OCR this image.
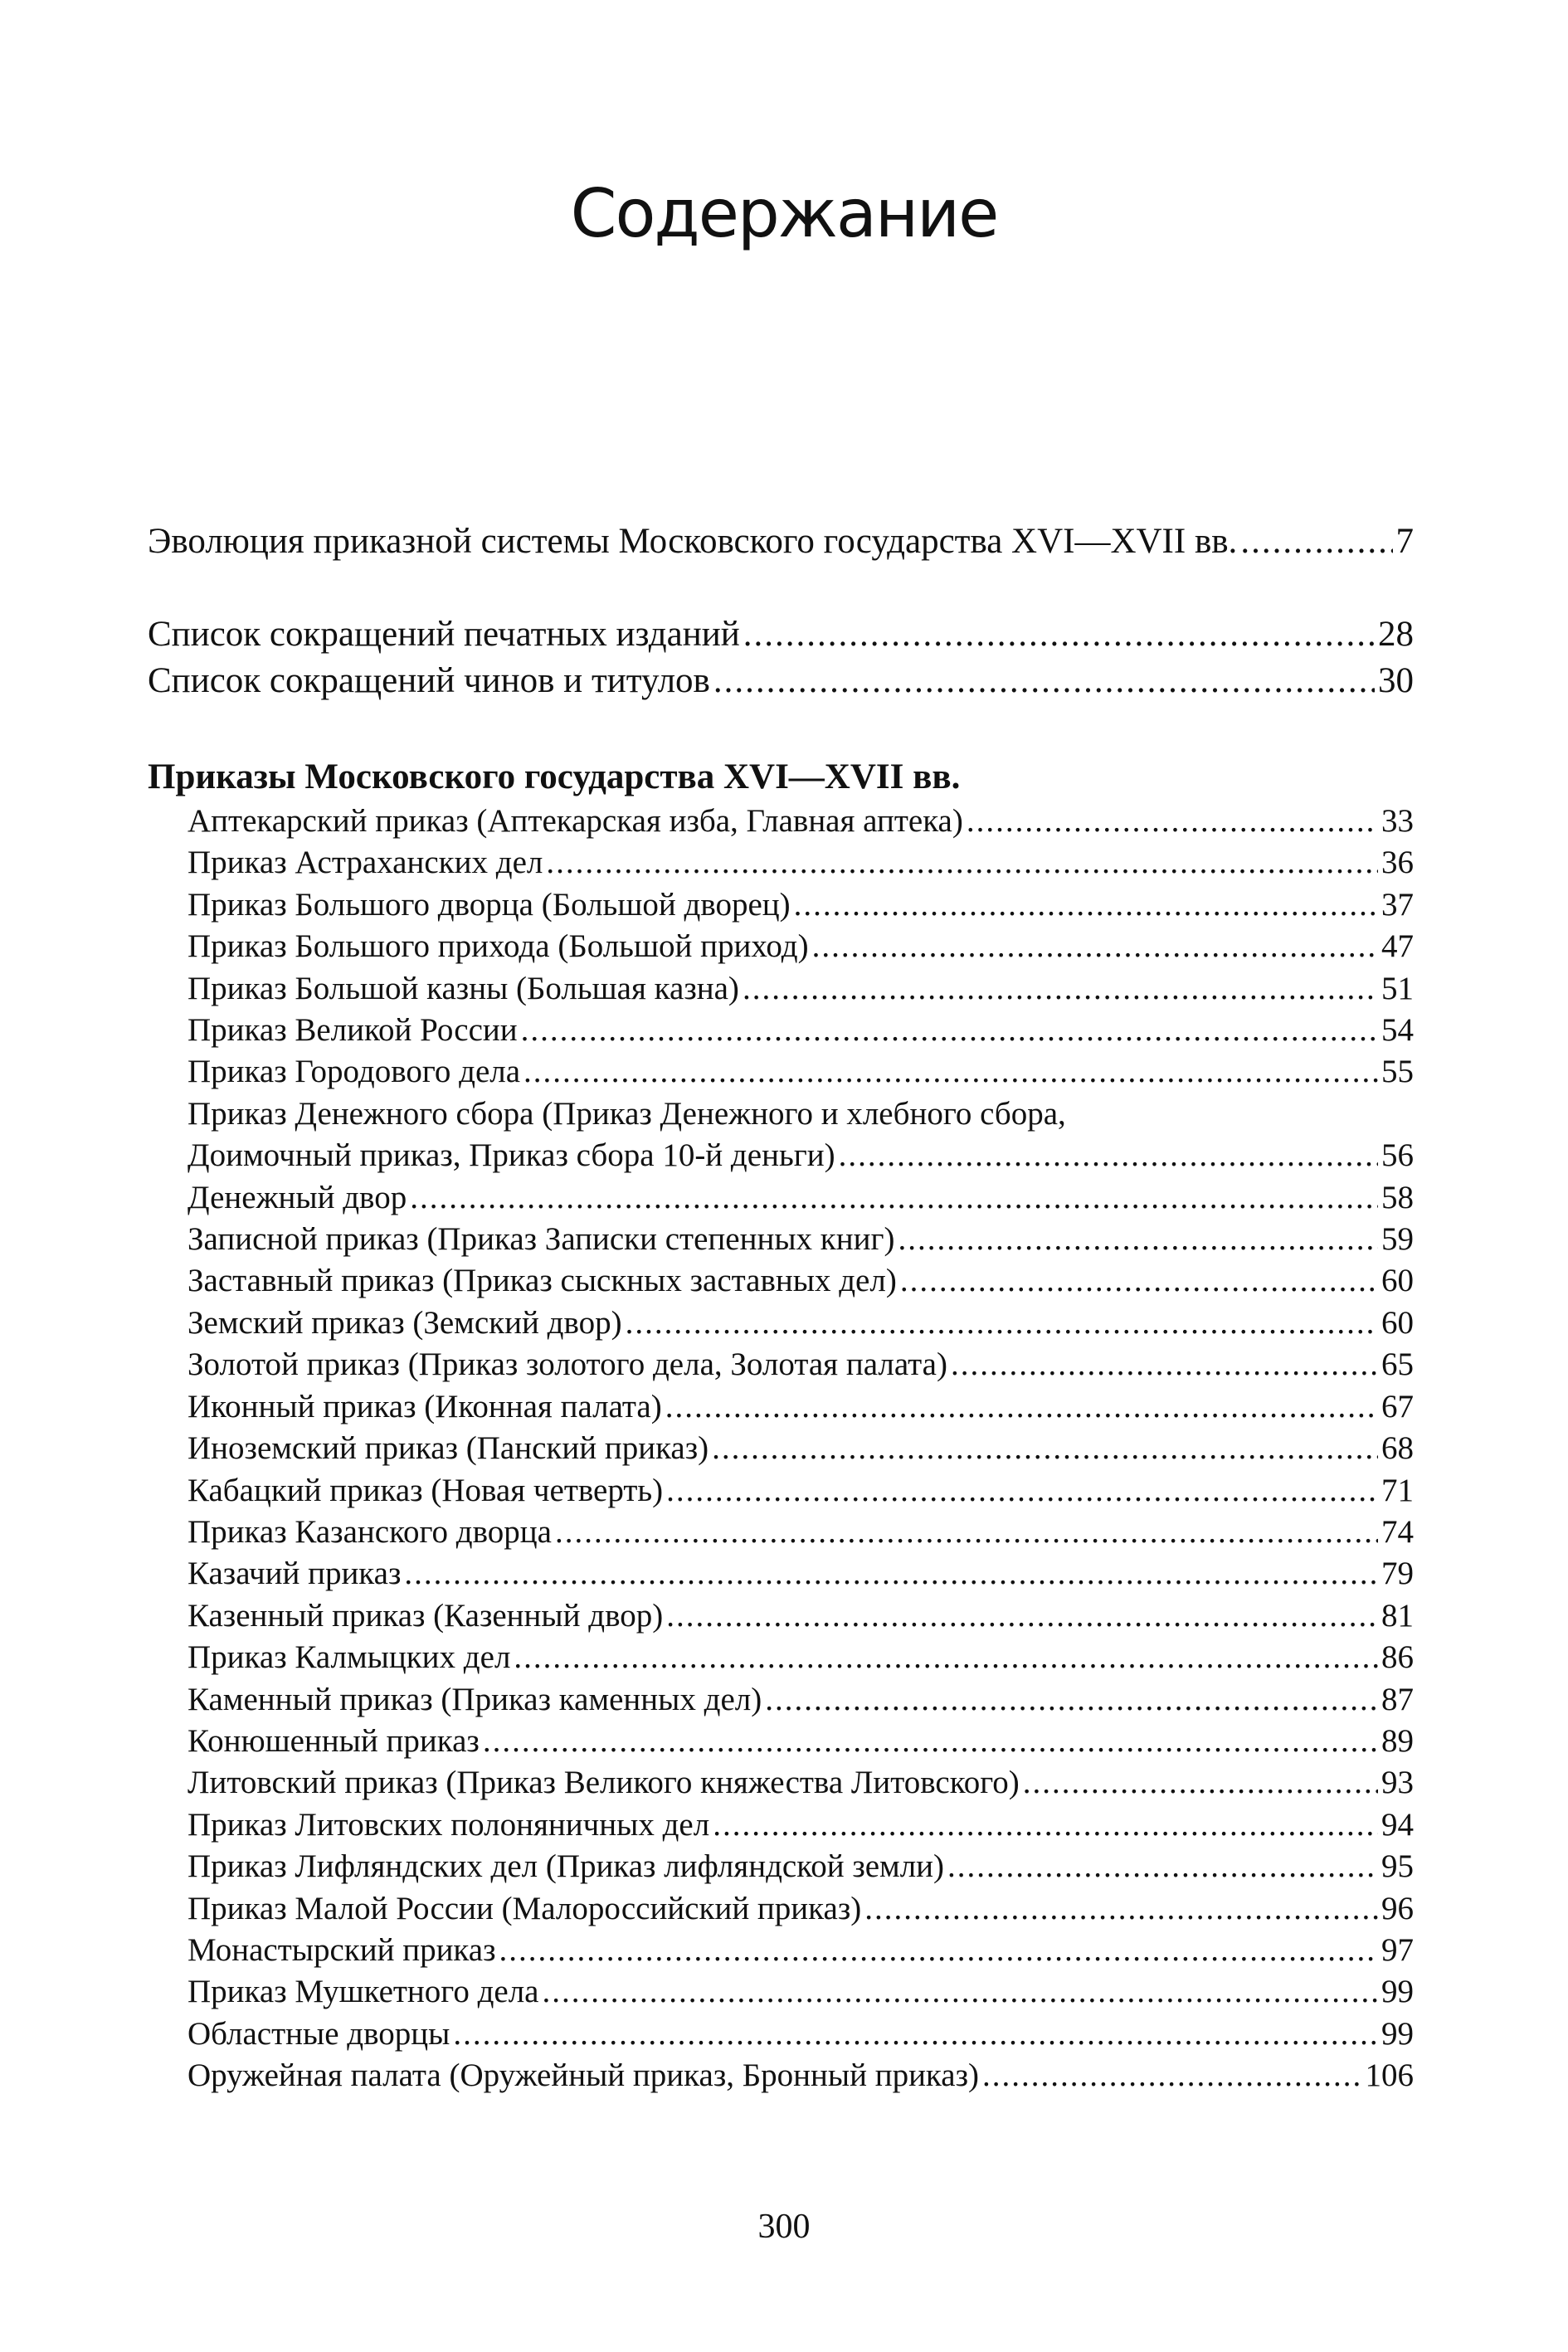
Содержание
Эволюция приказной системы Московского государства XVI—XVII вв. .....	7
Список сокращений печатных изданий .....	28
Список сокращений чинов и титулов .....	30
Приказы Московского государства XVI—XVII вв.
Аптекарский приказ (Аптекарская изба, Главная аптека) .....	33
Приказ Астраханских дел .....	36
Приказ Большого дворца (Большой дворец) .....	37
Приказ Большого прихода (Большой приход) .....	47
Приказ Большой казны (Большая казна) .....	51
Приказ Великой России .....	54
Приказ Городового дела .....	55
Приказ Денежного сбора (Приказ Денежного и хлебного сбора,
Доимочный приказ, Приказ сбора 10-й деньги) .....	56
Денежный двор .....	58
Записной приказ (Приказ Записки степенных книг) .....	59
Заставный приказ (Приказ сыскных заставных дел) .....	60
Земский приказ (Земский двор) .....	60
Золотой приказ (Приказ золотого дела, Золотая палата) .....	65
Иконный приказ (Иконная палата) .....	67
Иноземский приказ (Панский приказ) .....	68
Кабацкий приказ (Новая четверть) .....	71
Приказ Казанского дворца .....	74
Казачий приказ .....	79
Казенный приказ (Казенный двор) .....	81
Приказ Калмыцких дел .....	86
Каменный приказ (Приказ каменных дел) .....	87
Конюшенный приказ .....	89
Литовский приказ (Приказ Великого княжества Литовского) .....	93
Приказ Литовских полоняничных дел .....	94
Приказ Лифляндских дел (Приказ лифляндской земли) .....	95
Приказ Малой России (Малороссийский приказ) .....	96
Монастырский приказ .....	97
Приказ Мушкетного дела .....	99
Областные дворцы .....	99
Оружейная палата (Оружейный приказ, Бронный приказ) .....	106
300
